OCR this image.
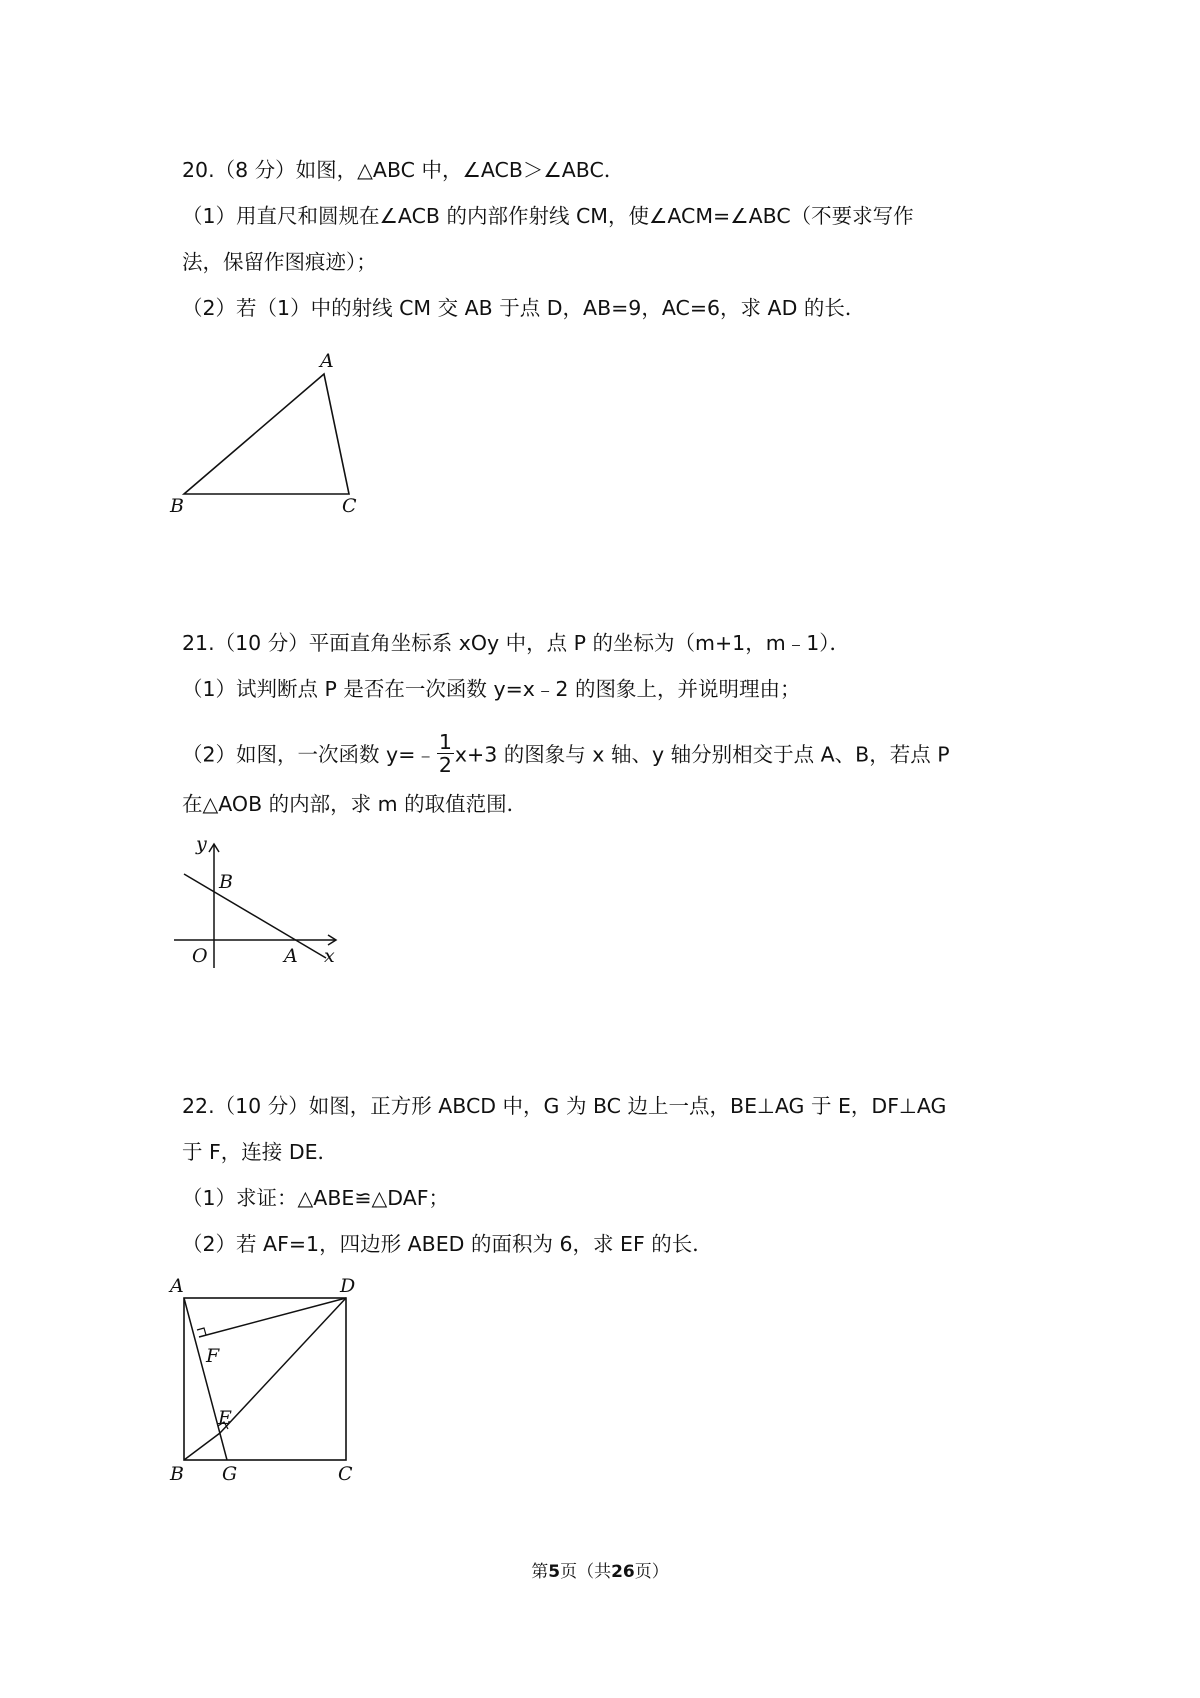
20.（8 分）如图，△ABC 中，∠ACB＞∠ABC．
（1）用直尺和圆规在∠ACB 的内部作射线 CM，使∠ACM=∠ABC（不要求写作
法，保留作图痕迹）；
（2）若（1）中的射线 CM 交 AB 于点 D，AB=9，AC=6，求 AD 的长．
A
B	C
21.（10 分）平面直角坐标系 xOy 中，点 P 的坐标为（m+1，m﹣1）．
（1）试判断点 P 是否在一次函数 y=x﹣2 的图象上，并说明理由；
（2）如图，一次函数 y=﹣ $\frac{1}{2} x+3$ 的图象与 x 轴、y 轴分别相交于点 A、B，若点 P
在△AOB 的内部，求 m 的取值范围．
y
B
O	A x
22.（10 分）如图，正方形 ABCD 中，G 为 BC 边上一点，BE⊥AG 于 E，DF⊥AG
于 F，连接 DE．
（1）求证：△ABE≌△DAF；
（2）若 AF=1，四边形 ABED 的面积为 6，求 EF 的长．
A	D
F
E
B G	C
第5页（共26页）
